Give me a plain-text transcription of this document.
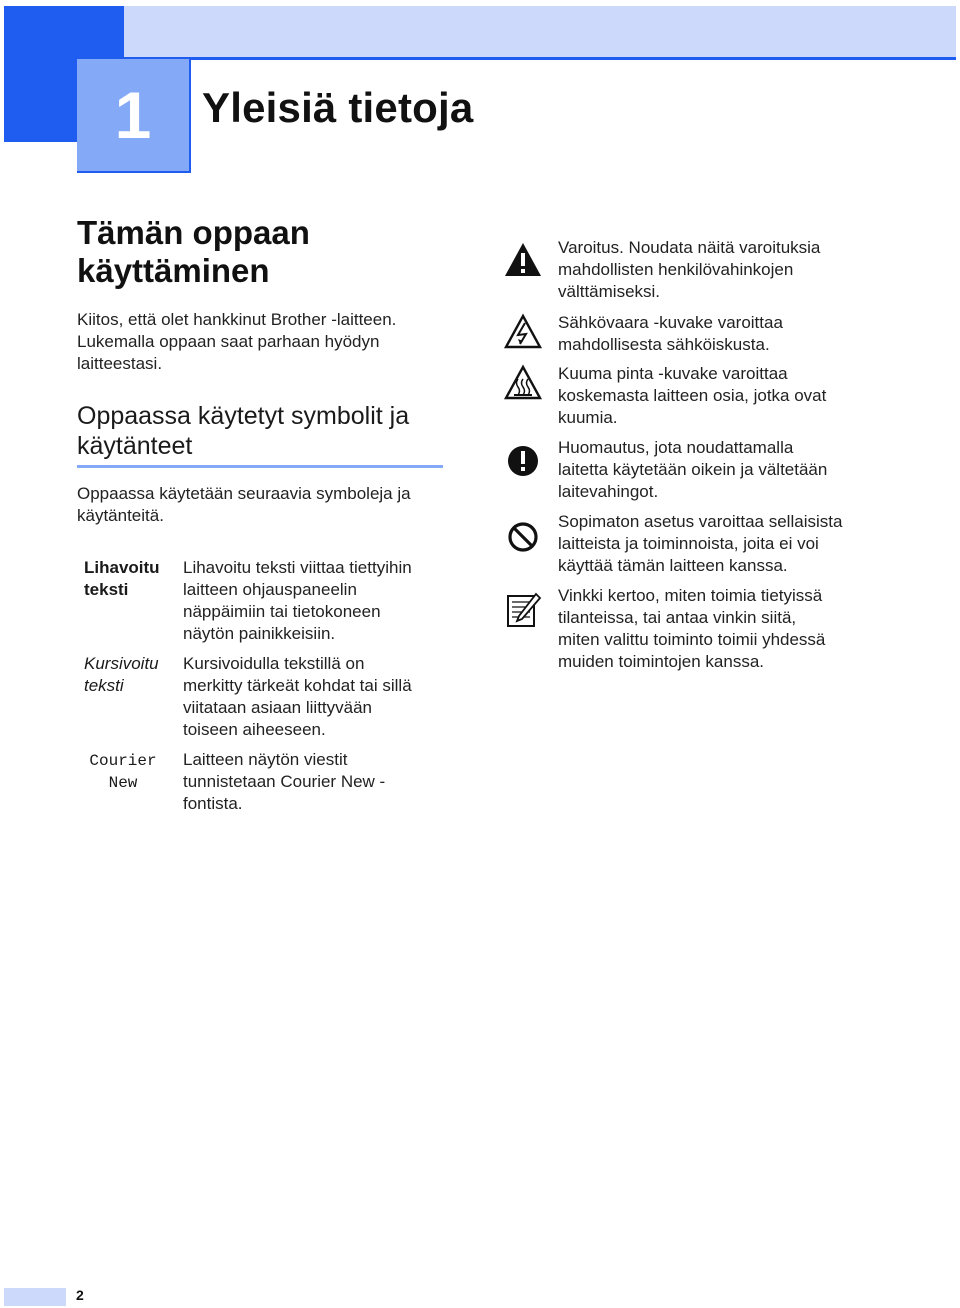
1	Yleisiä tietoja
Tämän oppaan
käyttäminen
Kiitos, että olet hankkinut Brother -laitteen.
Lukemalla oppaan saat parhaan hyödyn
laitteestasi.
Oppaassa käytetyt symbolit ja
käytänteet
Oppaassa käytetään seuraavia symboleja ja
käytänteitä.
Lihavoitu
teksti
Lihavoitu teksti viittaa tiettyihin
laitteen ohjauspaneelin
näppäimiin tai tietokoneen
näytön painikkeisiin.
Kursivoitu
teksti
Kursivoidulla tekstillä on
merkitty tärkeät kohdat tai sillä
viitataan asiaan liittyvään
toiseen aiheeseen.
Courier
New
Laitteen näytön viestit
tunnistetaan Courier New -
fontista.
Varoitus. Noudata näitä varoituksia
mahdollisten henkilövahinkojen
välttämiseksi.
Sähkövaara -kuvake varoittaa
mahdollisesta sähköiskusta.
Kuuma pinta -kuvake varoittaa
koskemasta laitteen osia, jotka ovat
kuumia.
Huomautus, jota noudattamalla
laitetta käytetään oikein ja vältetään
laitevahingot.
Sopimaton asetus varoittaa sellaisista
laitteista ja toiminnoista, joita ei voi
käyttää tämän laitteen kanssa.
Vinkki kertoo, miten toimia tietyissä
tilanteissa, tai antaa vinkin siitä,
miten valittu toiminto toimii yhdessä
muiden toimintojen kanssa.
2
